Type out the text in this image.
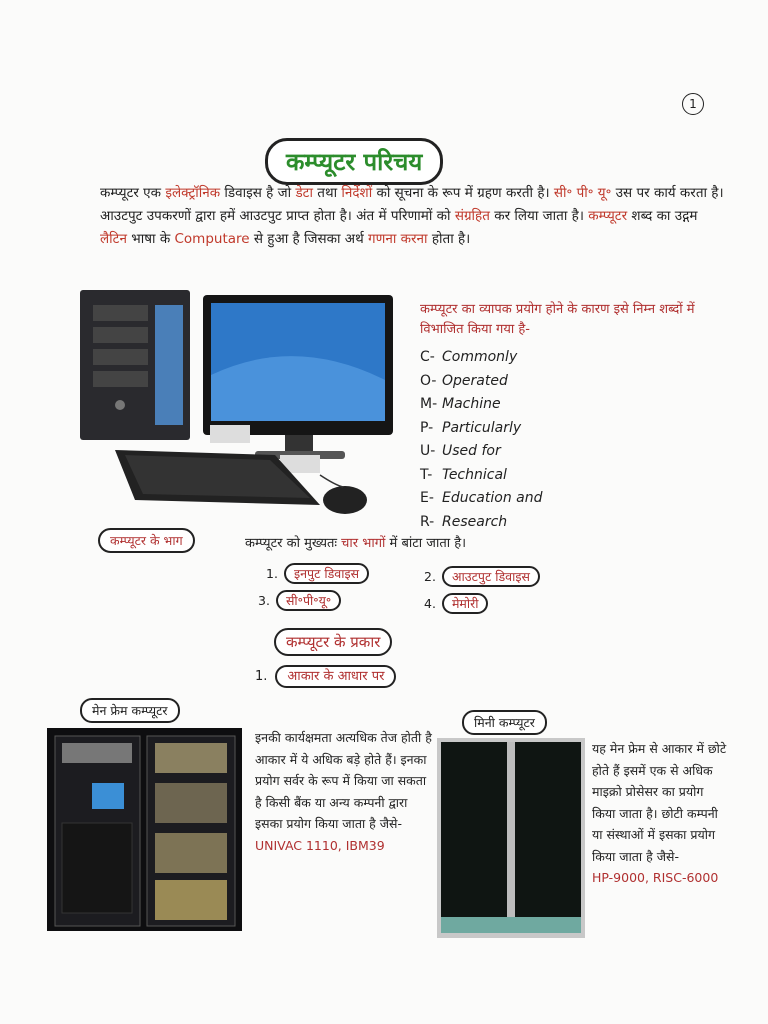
1
कम्प्यूटर परिचय
कम्प्यूटर एक इलेक्ट्रॉनिक डिवाइस है जो डेटा तथा निर्देशों को सूचना के रूप में ग्रहण करती है। सी॰ पी॰ यू॰ उस पर कार्य करता है। आउटपुट उपकरणों द्वारा हमें आउटपुट प्राप्त होता है। अंत में परिणामों को संग्रहित कर लिया जाता है। कम्प्यूटर शब्द का उद्गम लैटिन भाषा के Computare से हुआ है जिसका अर्थ गणना करना होता है।
कम्प्यूटर का व्यापक प्रयोग होने के कारण इसे निम्न शब्दों में विभाजित किया गया है-
C- Commonly
O- Operated
M- Machine
P- Particularly
U- Used for
T- Technical
E- Education and
R- Research
कम्प्यूटर के भाग	कम्प्यूटर को मुख्यतः चार भागों में बांटा जाता है।
1. इनपुट डिवाइस	2. आउटपुट डिवाइस
3. सी॰पी॰यू॰	4. मेमोरी
कम्प्यूटर के प्रकार
1. आकार के आधार पर
मेन फ्रेम कम्प्यूटर
इनकी कार्यक्षमता अत्यधिक तेज होती है आकार में ये अधिक बड़े होते हैं। इनका प्रयोग सर्वर के रूप में किया जा सकता है किसी बैंक या अन्य कम्पनी द्वारा इसका प्रयोग किया जाता है जैसे-
UNIVAC 1110, IBM39
मिनी कम्प्यूटर
यह मेन फ्रेम से आकार में छोटे होते हैं इसमें एक से अधिक माइक्रो प्रोसेसर का प्रयोग किया जाता है। छोटी कम्पनी या संस्थाओं में इसका प्रयोग किया जाता है जैसे-
HP-9000, RISC-6000
